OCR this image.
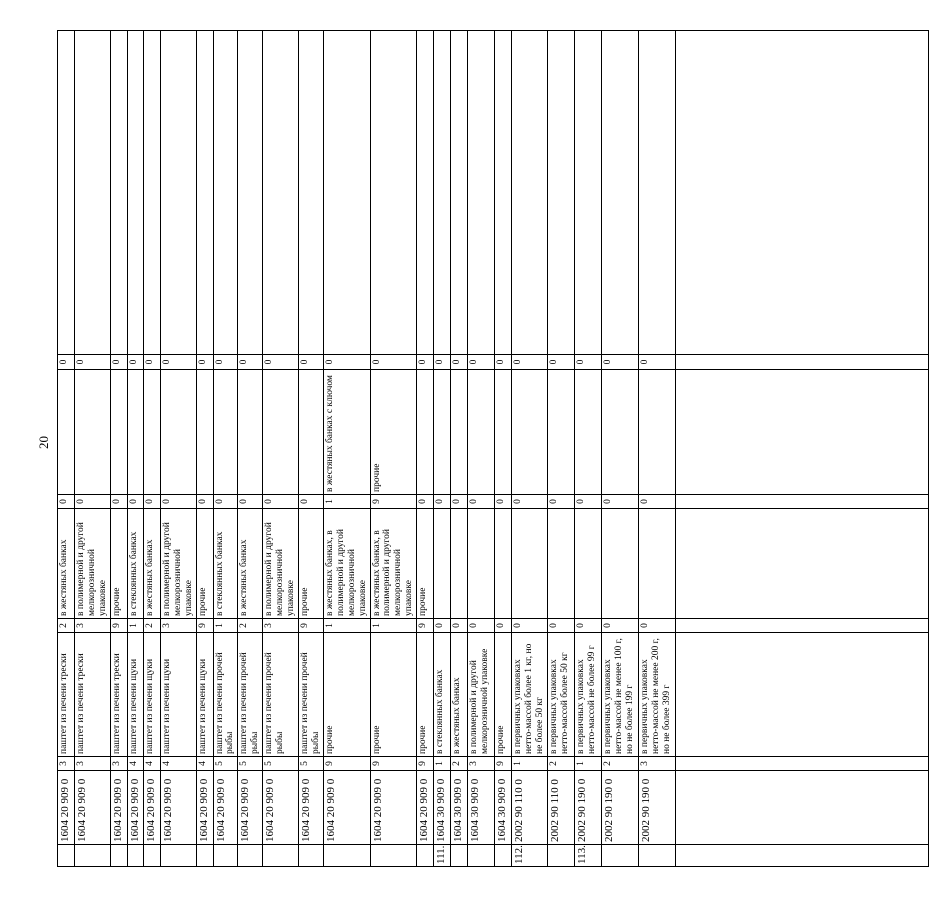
20
	1604 20 909 0	3	паштет из печени трески	2	в жестяных банках	0		0	
	1604 20 909 0	3	паштет из печени трески	3	в полимерной и другой мелкорозничной упаковке	0		0	
	1604 20 909 0	3	паштет из печени трески	9	прочие	0		0	
	1604 20 909 0	4	паштет из печени щуки	1	в стеклянных банках	0		0	
	1604 20 909 0	4	паштет из печени щуки	2	в жестяных банках	0		0	
	1604 20 909 0	4	паштет из печени щуки	3	в полимерной и другой мелкорозничной упаковке	0		0	
	1604 20 909 0	4	паштет из печени щуки	9	прочие	0		0	
	1604 20 909 0	5	паштет из печени прочей рыбы	1	в стеклянных банках	0		0	
	1604 20 909 0	5	паштет из печени прочей рыбы	2	в жестяных банках	0		0	
	1604 20 909 0	5	паштет из печени прочей рыбы	3	в полимерной и другой мелкорозничной упаковке	0		0	
	1604 20 909 0	5	паштет из печени прочей рыбы	9	прочие	0		0	
	1604 20 909 0	9	прочие	1	в жестяных банках, в полимерной и другой мелкорозничной упаковке	1	в жестяных банках с ключом	0	
	1604 20 909 0	9	прочие	1	в жестяных банках, в полимерной и другой мелкорозничной упаковке	9	прочие	0	
	1604 20 909 0	9	прочие	9	прочие	0		0	
111.	1604 30 909 0	1	в стеклянных банках	0		0		0	
	1604 30 909 0	2	в жестяных банках	0		0		0	
	1604 30 909 0	3	в полимерной и другой мелкорозничной упаковке	0		0		0	
	1604 30 909 0	9	прочие	0		0		0	
112.	2002 90 110 0	1	в первичных упаковках нетто-массой более 1 кг, но не более 50 кг	0		0		0	
	2002 90 110 0	2	в первичных упаковках нетто-массой более 50 кг	0		0		0	
113.	2002 90 190 0	1	в первичных упаковках нетто-массой не более 99 г	0		0		0	
	2002 90 190 0	2	в первичных упаковках нетто-массой не менее 100 г, но не более 199 г	0		0		0	
	2002 90 190 0	3	в первичных упаковках нетто-массой не менее 200 г, но не более 399 г	0		0		0	
